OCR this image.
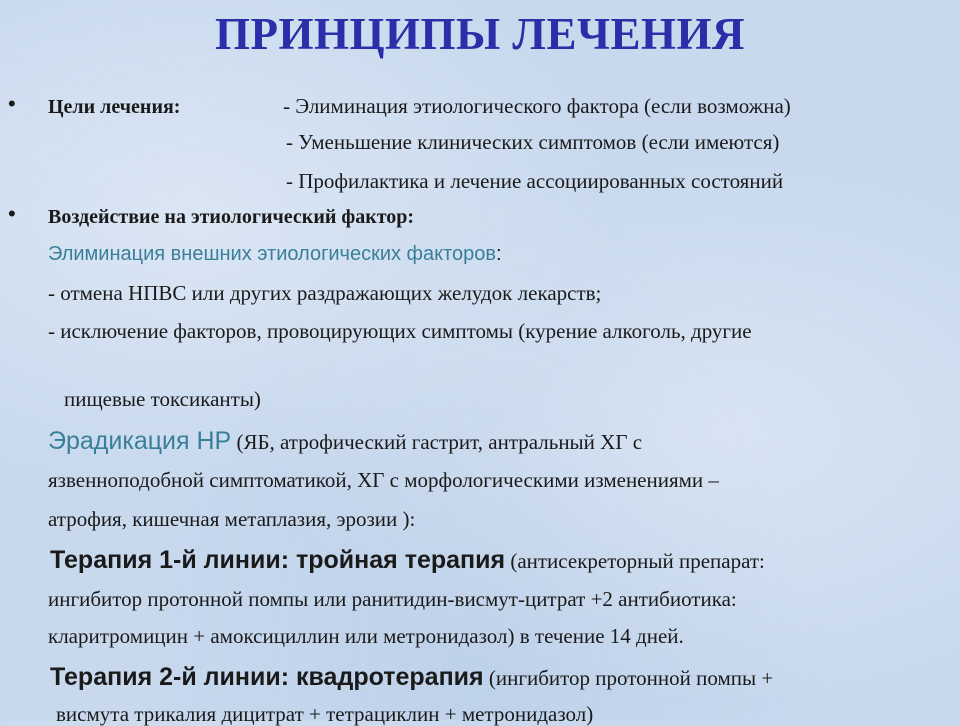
ПРИНЦИПЫ ЛЕЧЕНИЯ
• Цели лечения:	- Элиминация этиологического фактора (если возможна)
- Уменьшение клинических симптомов (если имеются)
- Профилактика и лечение ассоциированных состояний
• Воздействие на этиологический фактор:
Элиминация внешних этиологических факторов:
- отмена НПВС или других раздражающих желудок лекарств;
- исключение факторов, провоцирующих симптомы (курение алкоголь, другие
пищевые токсиканты)
Эрадикация НР (ЯБ, атрофический гастрит, антральный ХГ с
язвенноподобной симптоматикой, ХГ с морфологическими изменениями –
атрофия, кишечная метаплазия, эрозии ):
Терапия 1-й линии: тройная терапия (антисекреторный препарат:
ингибитор протонной помпы или ранитидин-висмут-цитрат +2 антибиотика:
кларитромицин + амоксициллин или метронидазол) в течение 14 дней.
Терапия 2-й линии: квадротерапия (ингибитор протонной помпы +
висмута трикалия дицитрат + тетрациклин + метронидазол)
